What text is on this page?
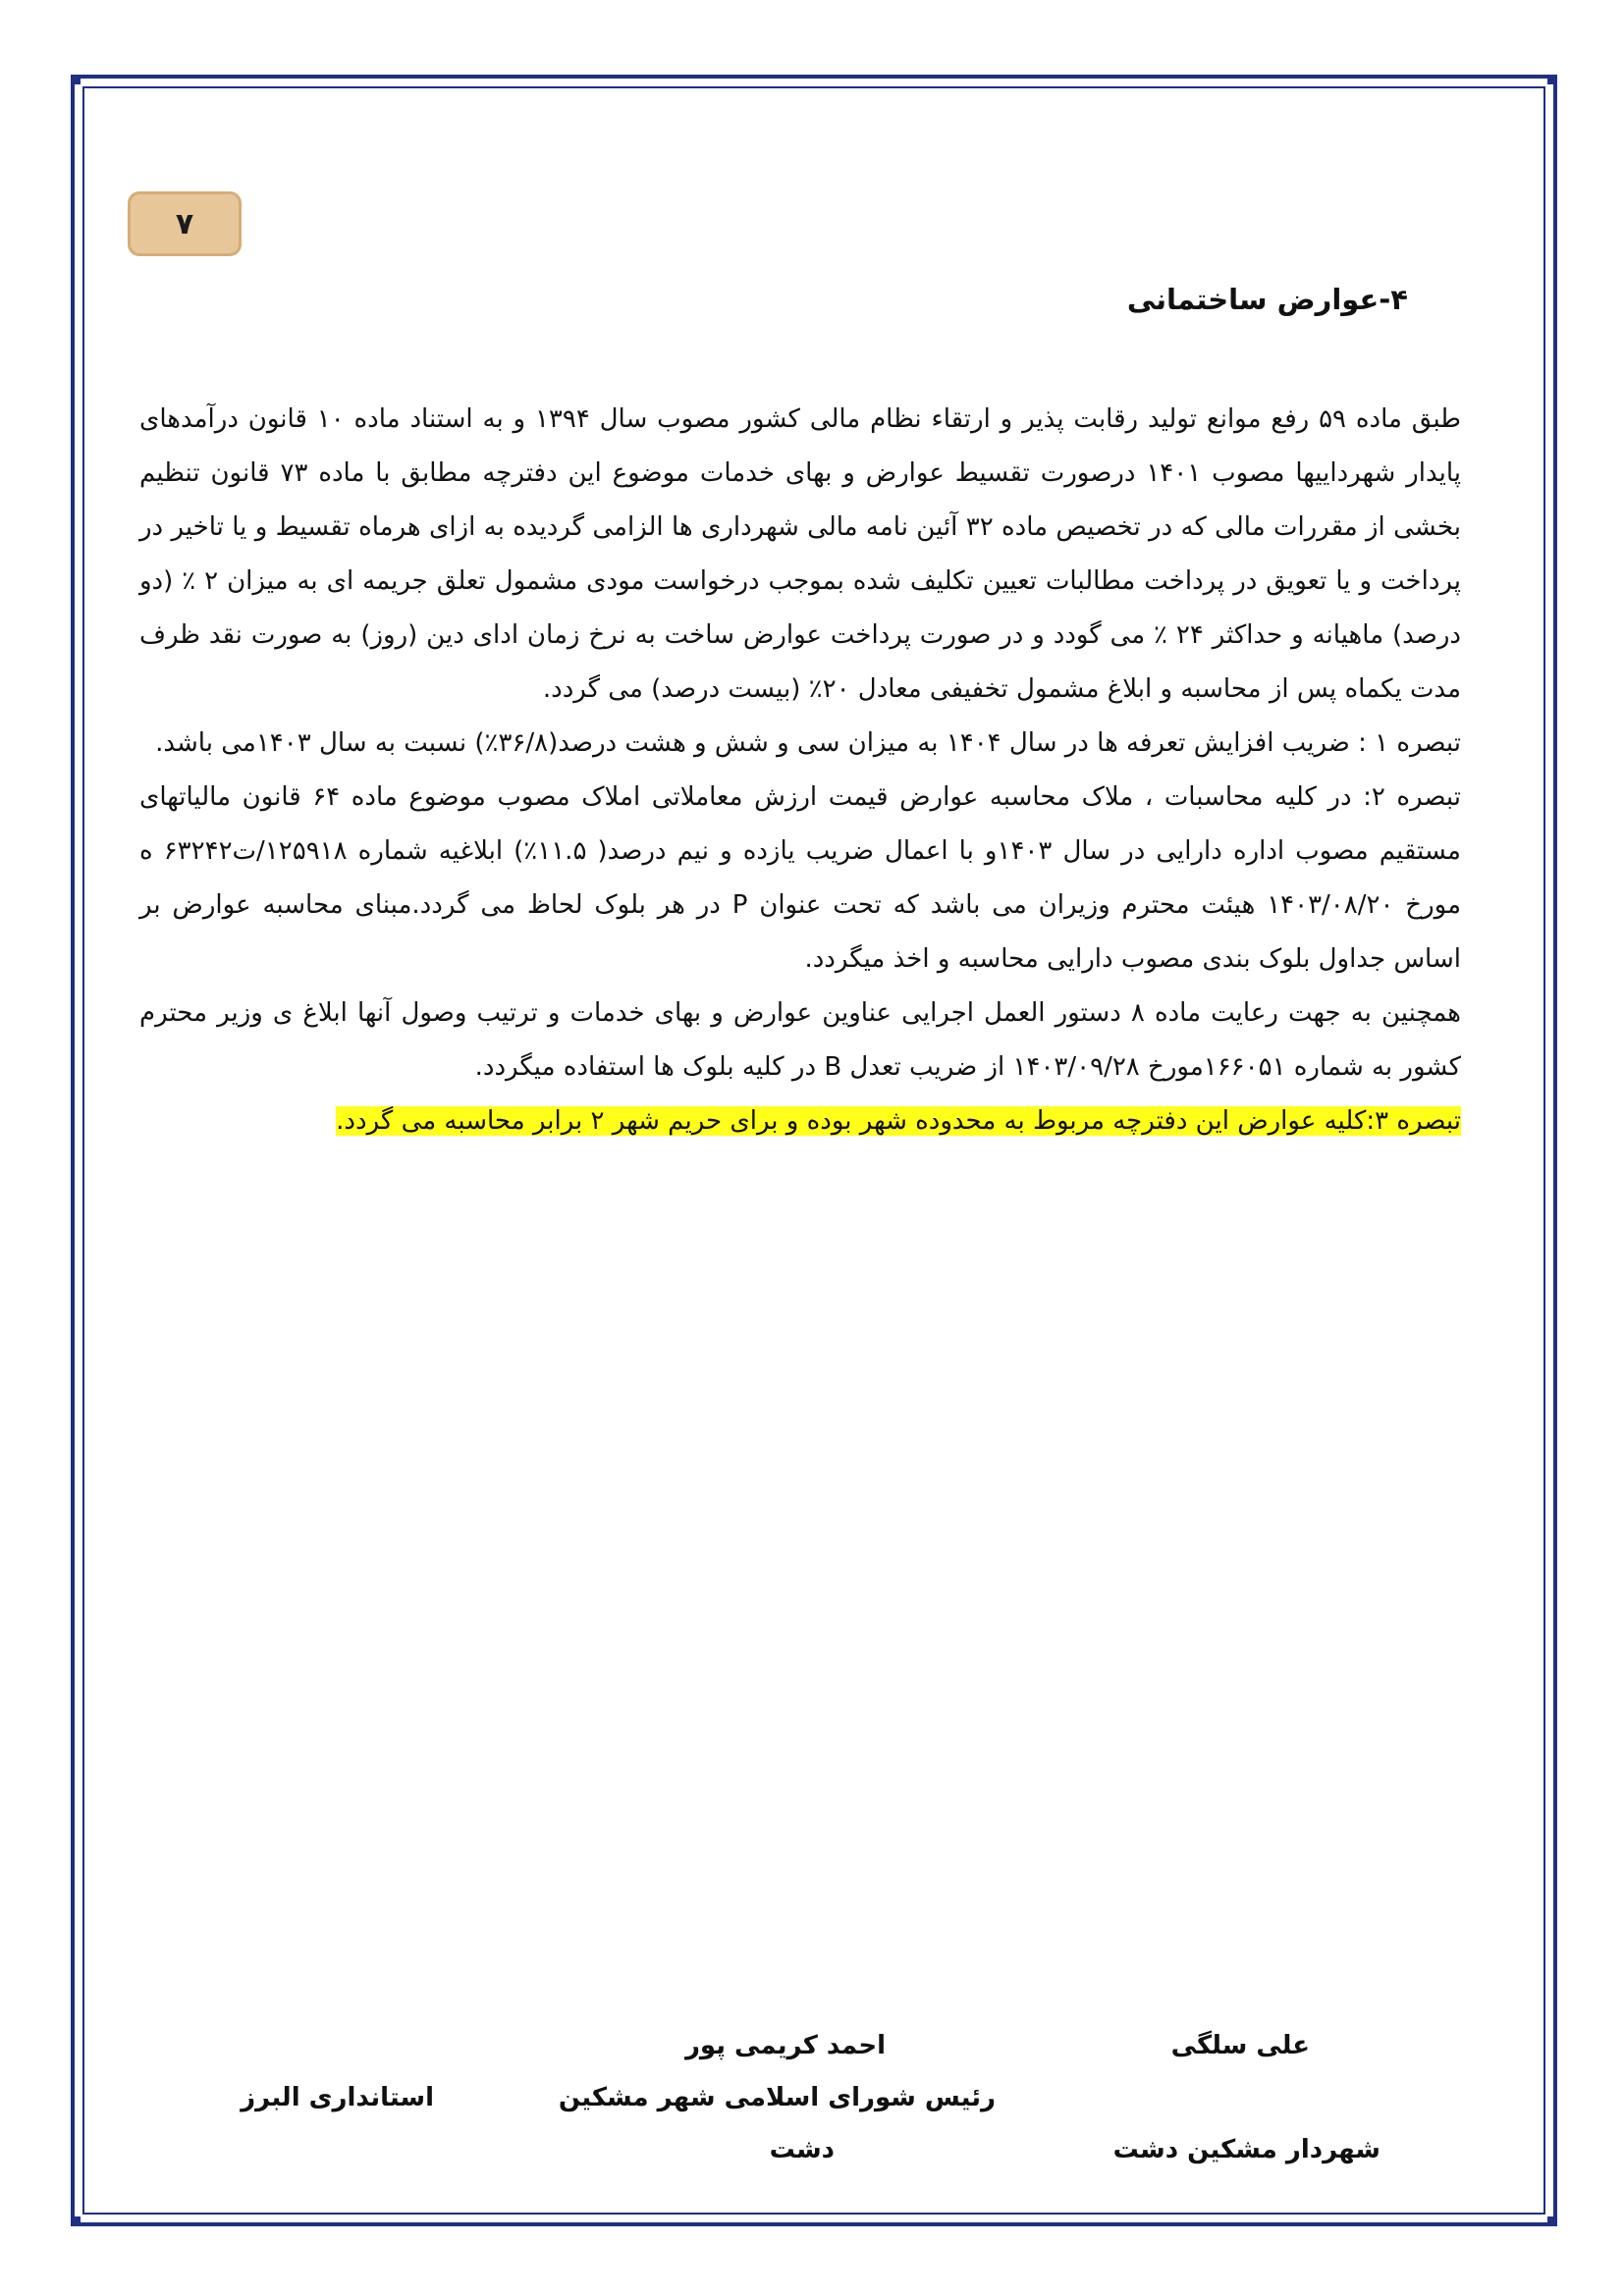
۷
۴-عوارض ساختمانی

طبق ماده ۵۹ رفع موانع تولید رقابت پذیر و ارتقاء نظام مالی کشور مصوب سال ۱۳۹۴ و به استناد ماده ۱۰ قانون درآمدهای پایدار شهرداییها مصوب ۱۴۰۱ درصورت تقسیط عوارض و بهای خدمات موضوع این دفترچه مطابق با ماده ۷۳ قانون تنظیم بخشی از مقررات مالی که در تخصیص ماده ۳۲ آئین نامه مالی شهرداری ها الزامی گردیده به ازای هرماه تقسیط و یا تاخیر در پرداخت و یا تعویق در پرداخت مطالبات تعیین تکلیف شده بموجب درخواست مودی مشمول تعلق جریمه ای به میزان ۲ ٪ (دو درصد) ماهیانه و حداکثر ۲۴ ٪ می گودد و در صورت پرداخت عوارض ساخت به نرخ زمان ادای دین (روز) به صورت نقد ظرف مدت یکماه پس از محاسبه و ابلاغ مشمول تخفیفی معادل ۲۰٪ (بیست درصد) می گردد.

تبصره ۱ : ضریب افزایش تعرفه ها در سال ۱۴۰۴ به میزان سی و شش و هشت درصد(۳۶/۸٪) نسبت به سال ۱۴۰۳می باشد.

تبصره ۲: در کلیه محاسبات ، ملاک محاسبه عوارض قیمت ارزش معاملاتی املاک مصوب موضوع ماده ۶۴ قانون مالیاتهای مستقیم مصوب اداره دارایی در سال ۱۴۰۳و با اعمال ضریب یازده و نیم درصد( ۱۱.۵٪) ابلاغیه شماره ۱۲۵۹۱۸/ت۶۳۲۴۲ ه مورخ ۱۴۰۳/۰۸/۲۰ هیئت محترم وزیران می باشد که تحت عنوان P در هر بلوک لحاظ می گردد.مبنای محاسبه عوارض بر اساس جداول بلوک بندی مصوب دارایی محاسبه و اخذ میگردد.

همچنین به جهت رعایت ماده ۸ دستور العمل اجرایی عناوین عوارض و بهای خدمات و ترتیب وصول آنها ابلاغ ی وزیر محترم کشور به شماره ۱۶۶۰۵۱مورخ ۱۴۰۳/۰۹/۲۸ از ضریب تعدل B در کلیه بلوک ها استفاده میگردد.

تبصره ۳:کلیه عوارض این دفترچه مربوط به محدوده شهر بوده و برای حریم شهر ۲ برابر محاسبه می گردد.

علی سلگی
شهردار مشکین دشت
احمد کریمی پور
رئیس شورای اسلامی شهر مشکین
دشت
استانداری البرز
